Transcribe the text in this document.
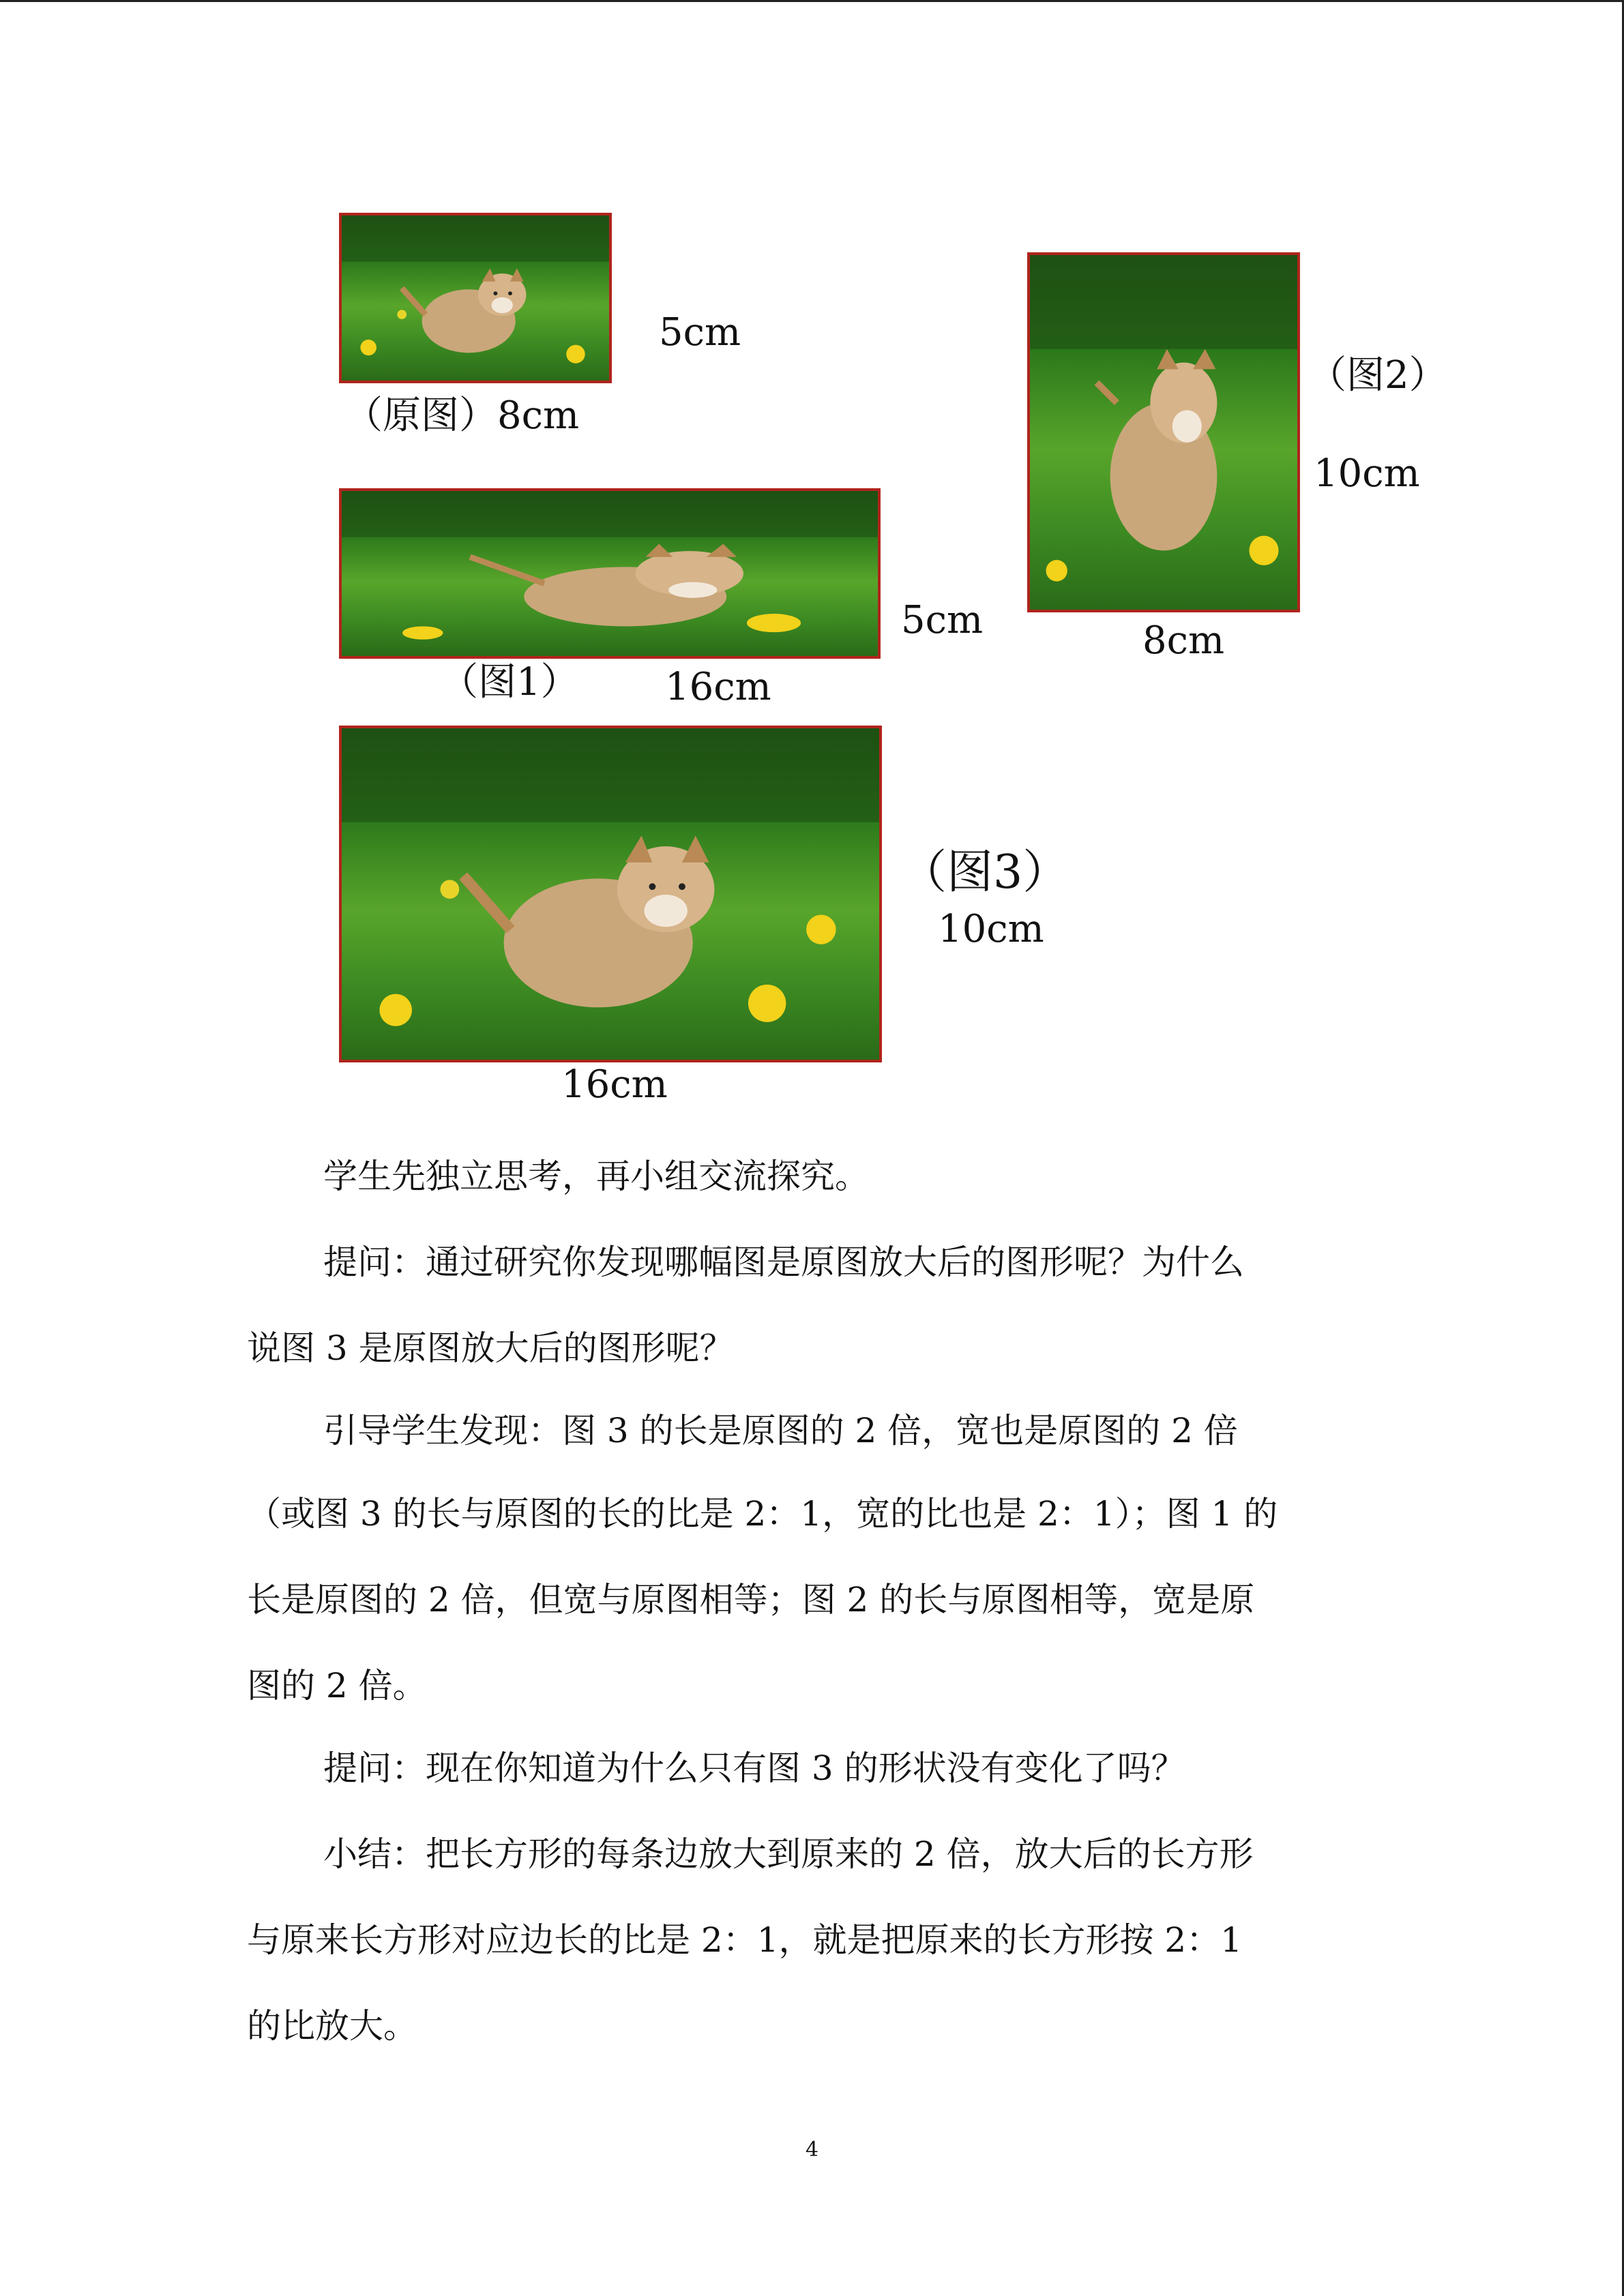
5cm
（原图）8cm
5cm
（图1） 16cm
（图2）
10cm
8cm
（图3）
10cm
16cm
学生先独立思考，再小组交流探究。
提问：通过研究你发现哪幅图是原图放大后的图形呢？为什么
说图 3 是原图放大后的图形呢？
引导学生发现：图 3 的长是原图的 2 倍，宽也是原图的 2 倍
（或图 3 的长与原图的长的比是 2：1，宽的比也是 2：1）；图 1 的
长是原图的 2 倍，但宽与原图相等；图 2 的长与原图相等，宽是原
图的 2 倍。
提问：现在你知道为什么只有图 3 的形状没有变化了吗？
小结：把长方形的每条边放大到原来的 2 倍，放大后的长方形
与原来长方形对应边长的比是 2：1，就是把原来的长方形按 2：1
的比放大。
4
